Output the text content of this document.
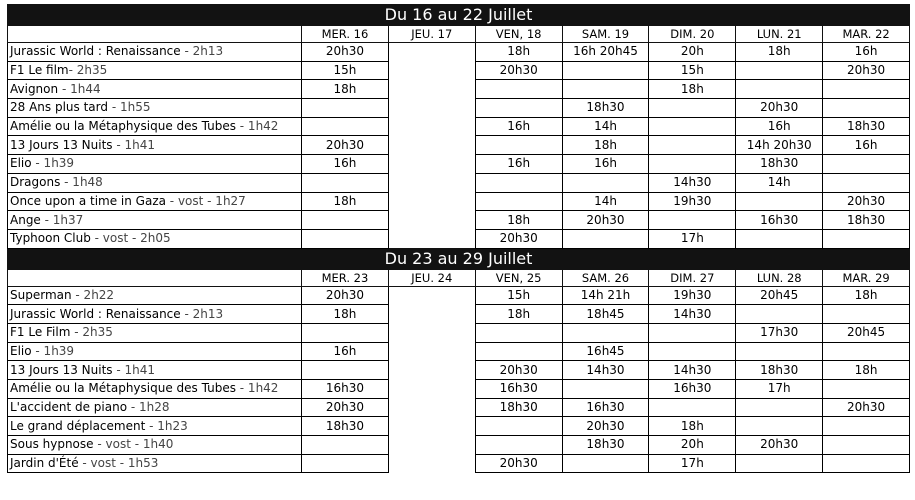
Du 16 au 22 Juillet							
	MER. 16	JEU. 17	VEN, 18	SAM. 19	DIM. 20	LUN. 21	MAR. 22
Jurassic World : Renaissance - 2h13	20h30		18h	16h 20h45	20h	18h	16h
F1 Le film- 2h35	15h		20h30		15h		20h30
Avignon - 1h44	18h				18h		
28 Ans plus tard - 1h55				18h30		20h30	
Amélie ou la Métaphysique des Tubes - 1h42			16h	14h		16h	18h30
13 Jours 13 Nuits - 1h41	20h30			18h		14h 20h30	16h
Elio - 1h39	16h		16h	16h		18h30	
Dragons - 1h48					14h30	14h	
Once upon a time in Gaza - vost - 1h27	18h			14h	19h30		20h30
Ange - 1h37			18h	20h30		16h30	18h30
Typhoon Club - vost - 2h05			20h30		17h		
Du 23 au 29 Juillet							
	MER. 23	JEU. 24	VEN, 25	SAM. 26	DIM. 27	LUN. 28	MAR. 29
Superman - 2h22	20h30		15h	14h 21h	19h30	20h45	18h
Jurassic World : Renaissance - 2h13	18h		18h	18h45	14h30		
F1 Le Film - 2h35						17h30	20h45
Elio - 1h39	16h			16h45			
13 Jours 13 Nuits - 1h41			20h30	14h30	14h30	18h30	18h
Amélie ou la Métaphysique des Tubes - 1h42	16h30		16h30		16h30	17h	
L'accident de piano - 1h28	20h30		18h30	16h30			20h30
Le grand déplacement - 1h23	18h30			20h30	18h		
Sous hypnose - vost - 1h40				18h30	20h	20h30	
Jardin d'Été - vost - 1h53			20h30		17h		
